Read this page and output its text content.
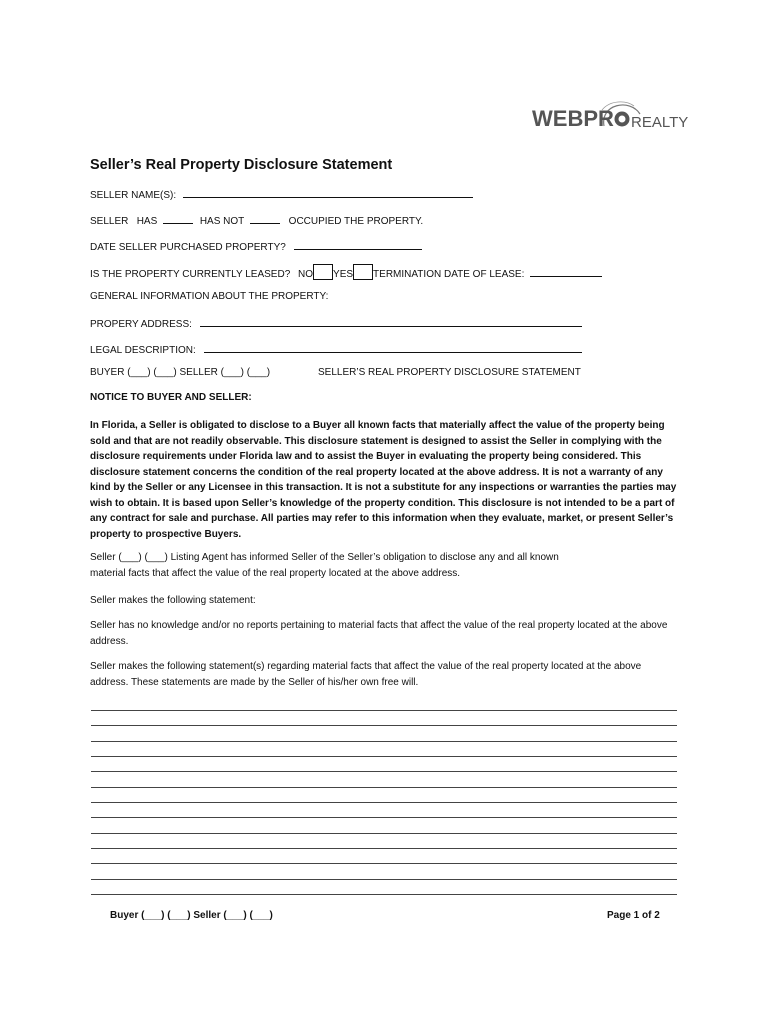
WEBPR REALTY
Seller’s Real Property Disclosure Statement
SELLER NAME(S):
SELLER   HAS	HAS NOT	OCCUPIED THE PROPERTY.
DATE SELLER PURCHASED PROPERTY?
IS THE PROPERTY CURRENTLY LEASED? NO YES TERMINATION DATE OF LEASE:
GENERAL INFORMATION ABOUT THE PROPERTY:
PROPERY ADDRESS:
LEGAL DESCRIPTION:
BUYER (___) (___) SELLER (___) (___)	SELLER’S REAL PROPERTY DISCLOSURE STATEMENT
NOTICE TO BUYER AND SELLER:
In Florida, a Seller is obligated to disclose to a Buyer all known facts that materially affect the value of the property being sold and that are not readily observable. This disclosure statement is designed to assist the Seller in complying with the disclosure requirements under Florida law and to assist the Buyer in evaluating the property being considered. This disclosure statement concerns the condition of the real property located at the above address. It is not a warranty of any kind by the Seller or any Licensee in this transaction. It is not a substitute for any inspections or warranties the parties may wish to obtain. It is based upon Seller’s knowledge of the property condition. This disclosure is not intended to be a part of any contract for sale and purchase. All parties may refer to this information when they evaluate, market, or present Seller’s property to prospective Buyers.
Seller (___) (___) Listing Agent has informed Seller of the Seller’s obligation to disclose any and all known material facts that affect the value of the real property located at the above address.
Seller makes the following statement:
Seller has no knowledge and/or no reports pertaining to material facts that affect the value of the real property located at the above address.
Seller makes the following statement(s) regarding material facts that affect the value of the real property located at the above address. These statements are made by the Seller of his/her own free will.
Buyer (___) (___) Seller (___) (___)	Page 1 of 2
